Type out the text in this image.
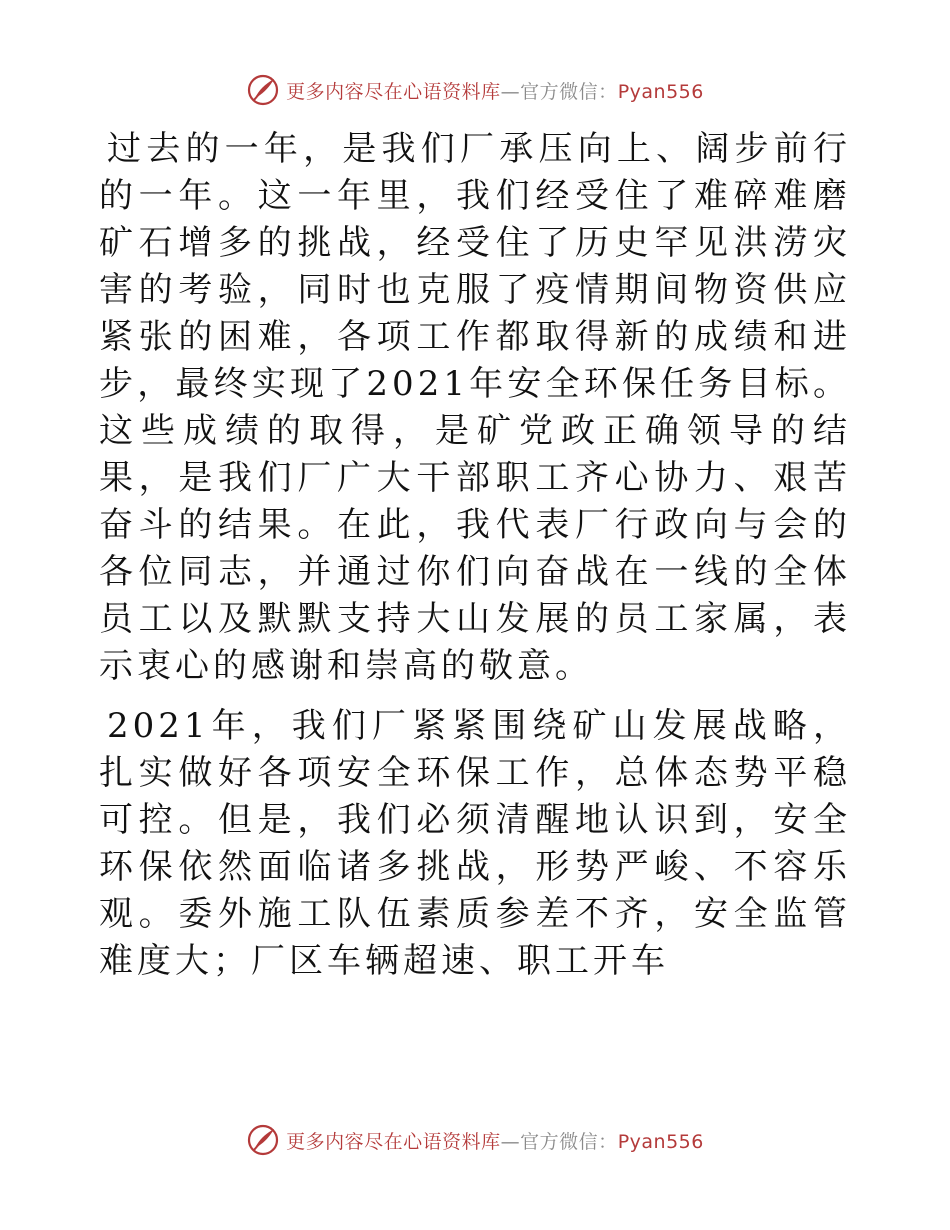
更多内容尽在心语资料库—官方微信：Pyan556

过去的一年，是我们厂承压向上、阔步前行的一年。这一年里，我们经受住了难碎难磨矿石增多的挑战，经受住了历史罕见洪涝灾害的考验，同时也克服了疫情期间物资供应紧张的困难，各项工作都取得新的成绩和进步，最终实现了2021年安全环保任务目标。这些成绩的取得，是矿党政正确领导的结果，是我们厂广大干部职工齐心协力、艰苦奋斗的结果。在此，我代表厂行政向与会的各位同志，并通过你们向奋战在一线的全体员工以及默默支持大山发展的员工家属，表示衷心的感谢和崇高的敬意。

2021年，我们厂紧紧围绕矿山发展战略，扎实做好各项安全环保工作，总体态势平稳可控。但是，我们必须清醒地认识到，安全环保依然面临诸多挑战，形势严峻、不容乐观。委外施工队伍素质参差不齐，安全监管难度大；厂区车辆超速、职工开车

更多内容尽在心语资料库—官方微信：Pyan556
